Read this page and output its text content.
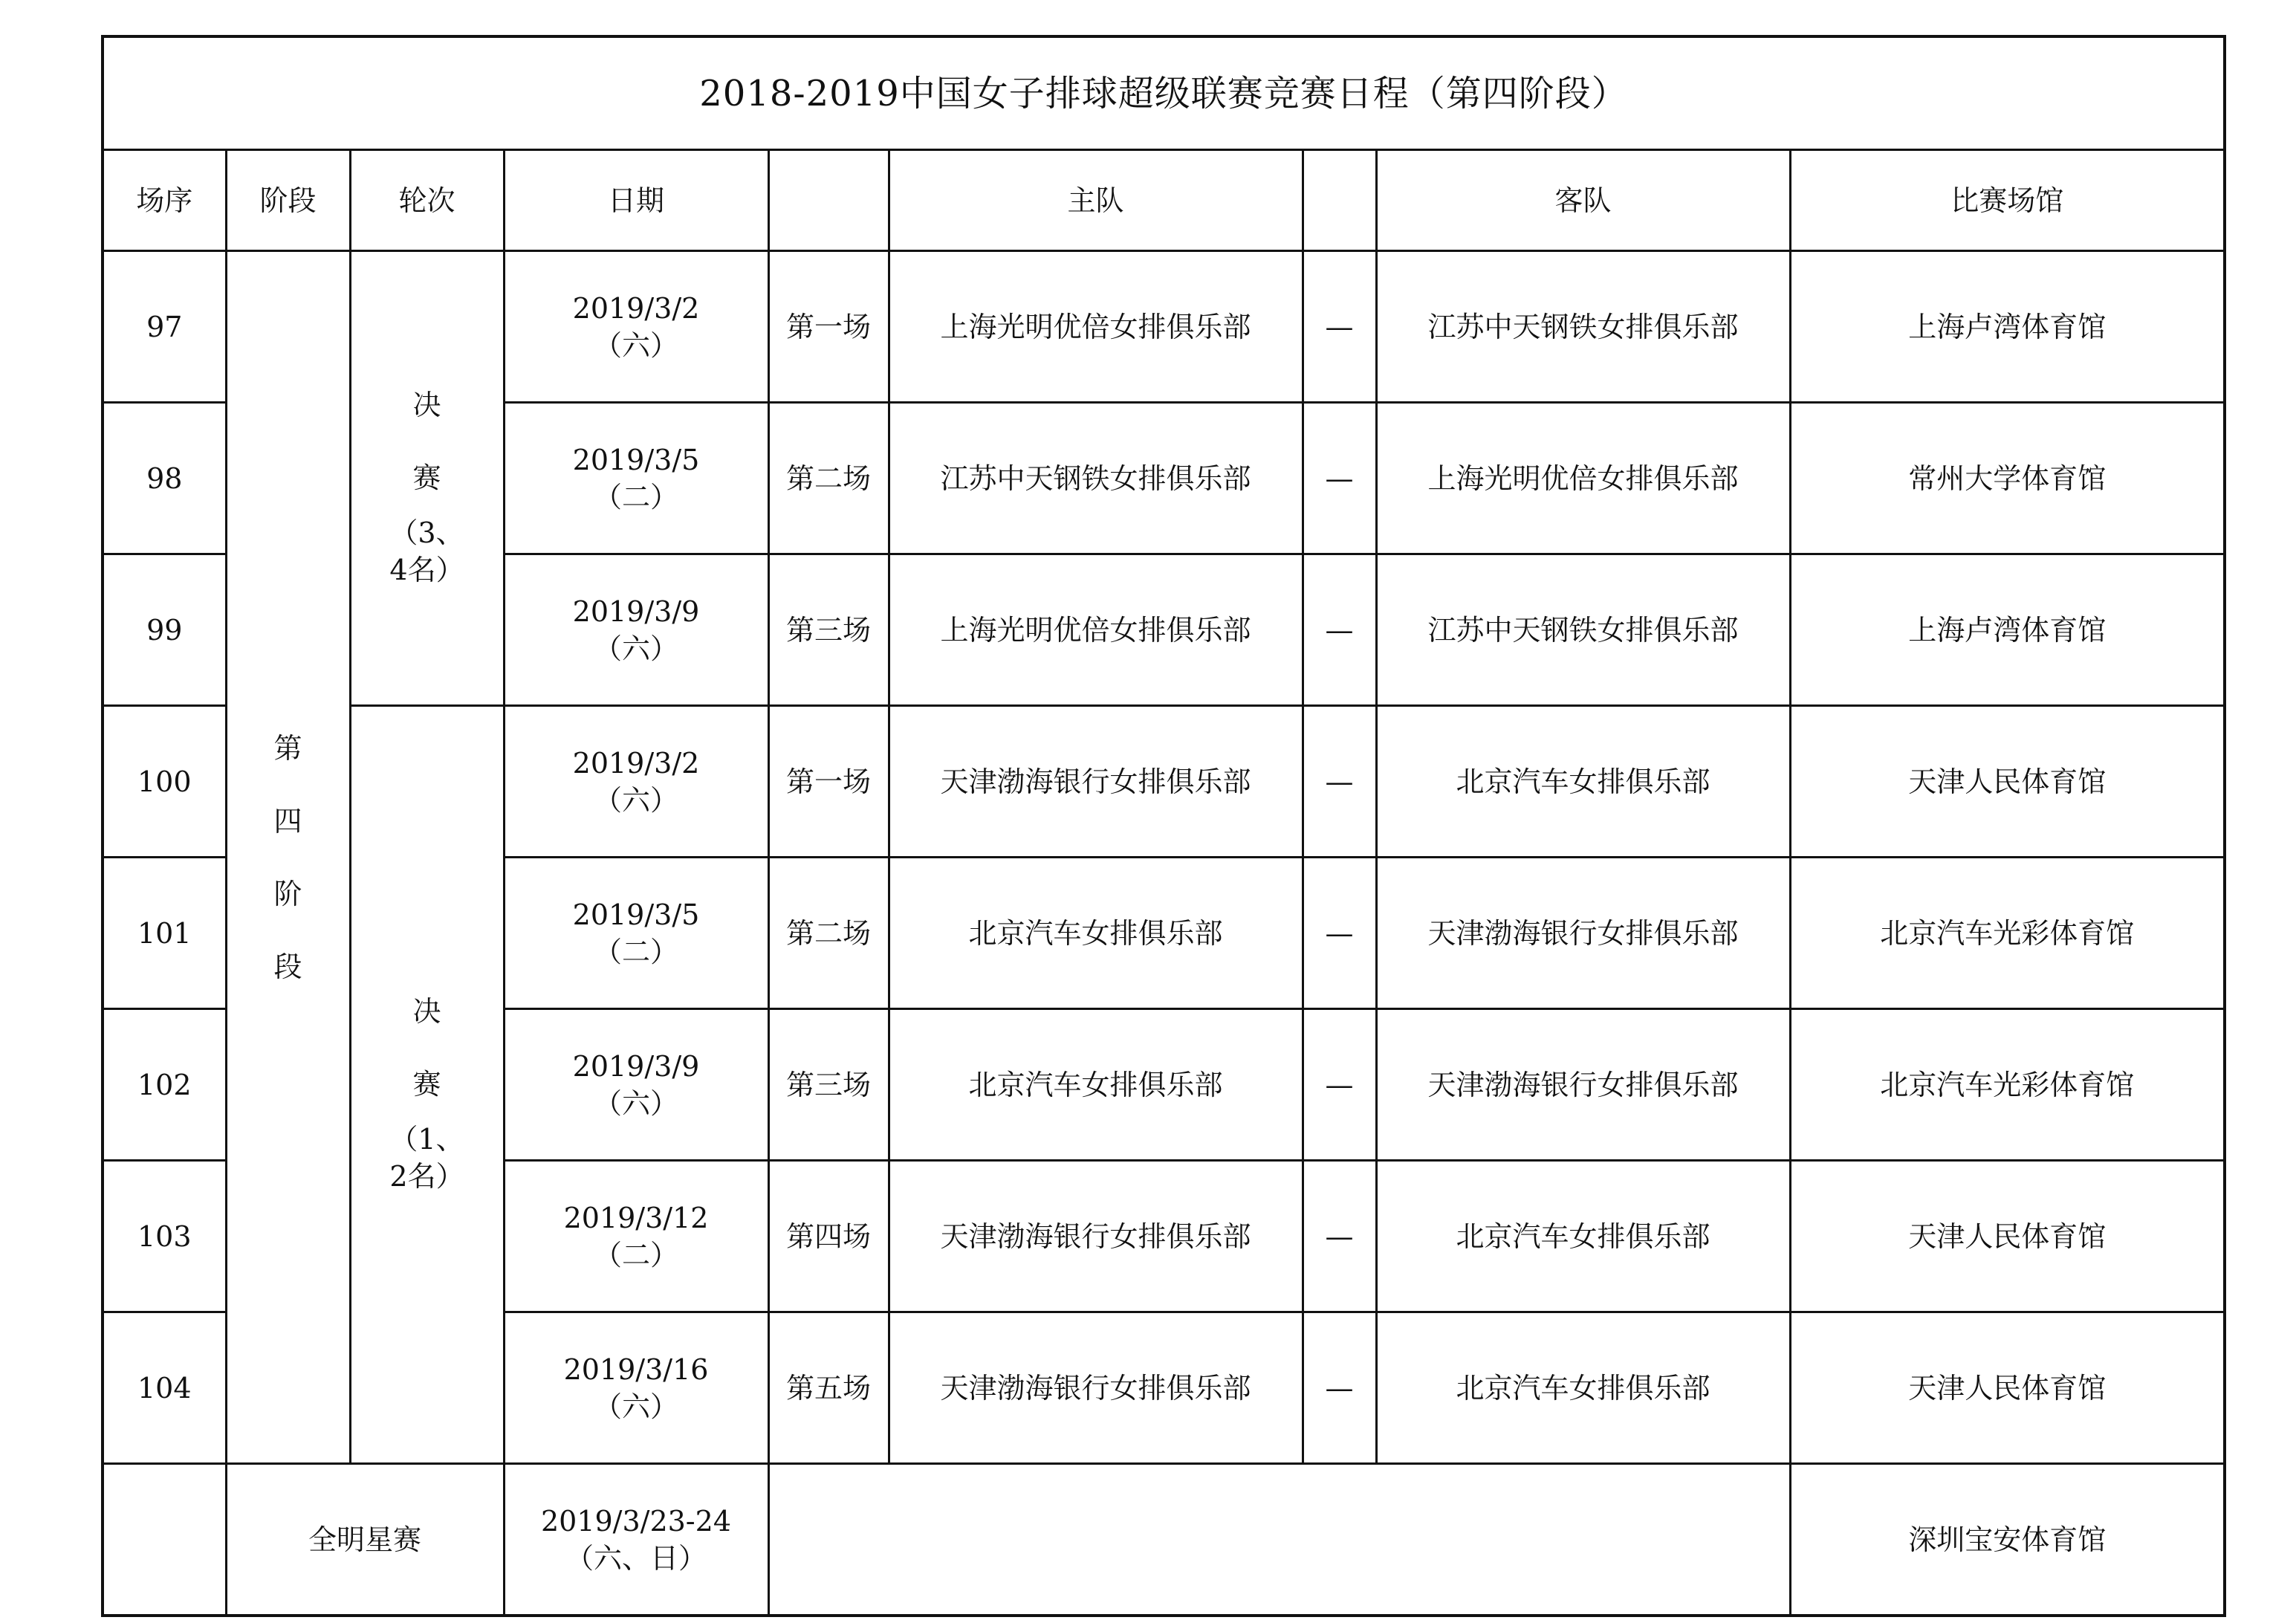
2018-2019中国女子排球超级联赛竞赛日程（第四阶段）								
场序	阶段	轮次	日期		主队		客队	比赛场馆
97	第
四
阶
段	决
赛
（3、
4名）	2019/3/2
（六）	第一场	上海光明优倍女排俱乐部	—	江苏中天钢铁女排俱乐部	上海卢湾体育馆
98			2019/3/5
（二）	第二场	江苏中天钢铁女排俱乐部	—	上海光明优倍女排俱乐部	常州大学体育馆
99			2019/3/9
（六）	第三场	上海光明优倍女排俱乐部	—	江苏中天钢铁女排俱乐部	上海卢湾体育馆
100		决
赛
（1、
2名）	2019/3/2
（六）	第一场	天津渤海银行女排俱乐部	—	北京汽车女排俱乐部	天津人民体育馆
101			2019/3/5
（二）	第二场	北京汽车女排俱乐部	—	天津渤海银行女排俱乐部	北京汽车光彩体育馆
102			2019/3/9
（六）	第三场	北京汽车女排俱乐部	—	天津渤海银行女排俱乐部	北京汽车光彩体育馆
103			2019/3/12
（二）	第四场	天津渤海银行女排俱乐部	—	北京汽车女排俱乐部	天津人民体育馆
104			2019/3/16
（六）	第五场	天津渤海银行女排俱乐部	—	北京汽车女排俱乐部	天津人民体育馆
	全明星赛		2019/3/23-24
（六、日）					深圳宝安体育馆
